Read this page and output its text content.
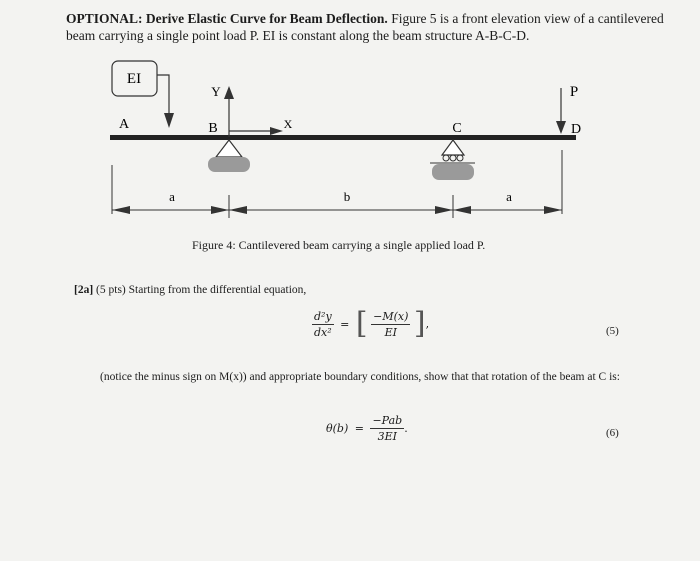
OPTIONAL: Derive Elastic Curve for Beam Deflection. Figure 5 is a front elevation view of a cantilevered beam carrying a single point load P. EI is constant along the beam structure A-B-C-D.
EI
A
Y
B	X	C
P
D
a	b	a
Figure 4: Cantilevered beam carrying a single applied load P.
[2a] (5 pts) Starting from the differential equation,
$\frac{\text{d²y}}{\text{dx²}}$ = [ $\frac{-M(x)}{EI}$ ],
(5)
(notice the minus sign on M(x)) and appropriate boundary conditions, show that that rotation of the beam at C is:
$\theta(b) = \frac{\text{−Pab}}{3EI}$ .	(6)
